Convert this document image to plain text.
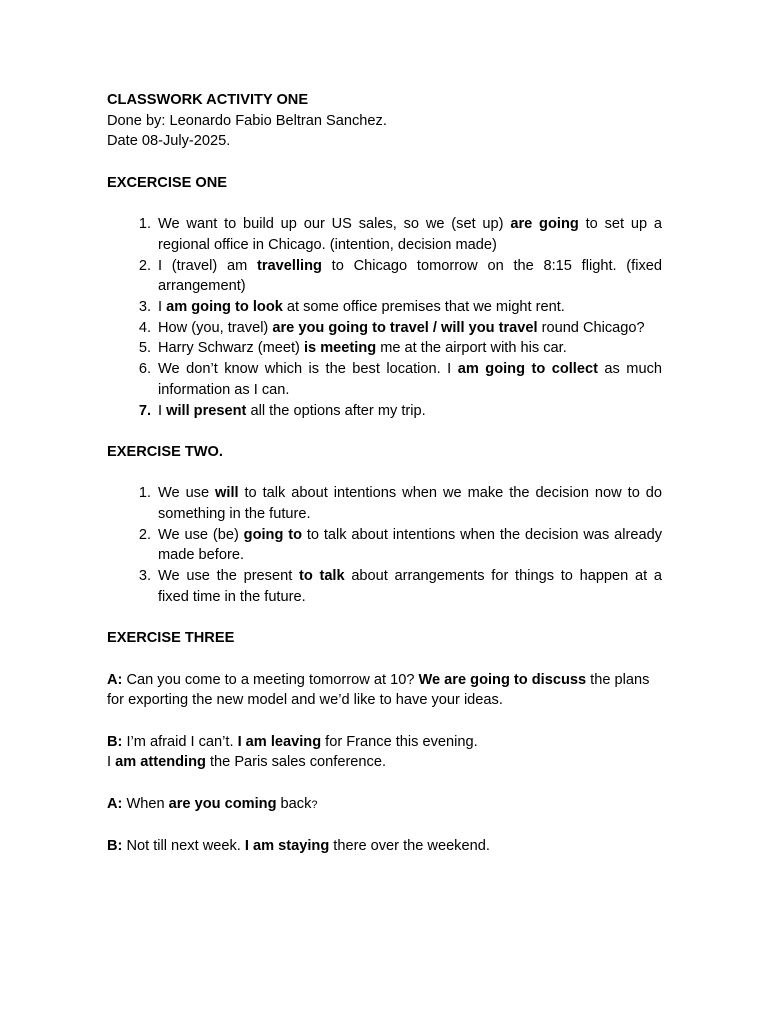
CLASSWORK ACTIVITY ONE
Done by: Leonardo Fabio Beltran Sanchez.
Date 08-July-2025.
EXCERCISE ONE
1. We want to build up our US sales, so we (set up) are going to set up a regional office in Chicago. (intention, decision made)
2. I (travel) am travelling to Chicago tomorrow on the 8:15 flight. (fixed arrangement)
3. I am going to look at some office premises that we might rent.
4. How (you, travel) are you going to travel / will you travel round Chicago?
5. Harry Schwarz (meet) is meeting me at the airport with his car.
6. We don’t know which is the best location. I am going to collect as much information as I can.
7. I will present all the options after my trip.
EXERCISE TWO.
1. We use will to talk about intentions when we make the decision now to do something in the future.
2. We use (be) going to to talk about intentions when the decision was already made before.
3. We use the present to talk about arrangements for things to happen at a fixed time in the future.
EXERCISE THREE
A: Can you come to a meeting tomorrow at 10? We are going to discuss the plans for exporting the new model and we’d like to have your ideas.
B: I’m afraid I can’t. I am leaving for France this evening.
I am attending the Paris sales conference.
A: When are you coming back?
B: Not till next week. I am staying there over the weekend.
